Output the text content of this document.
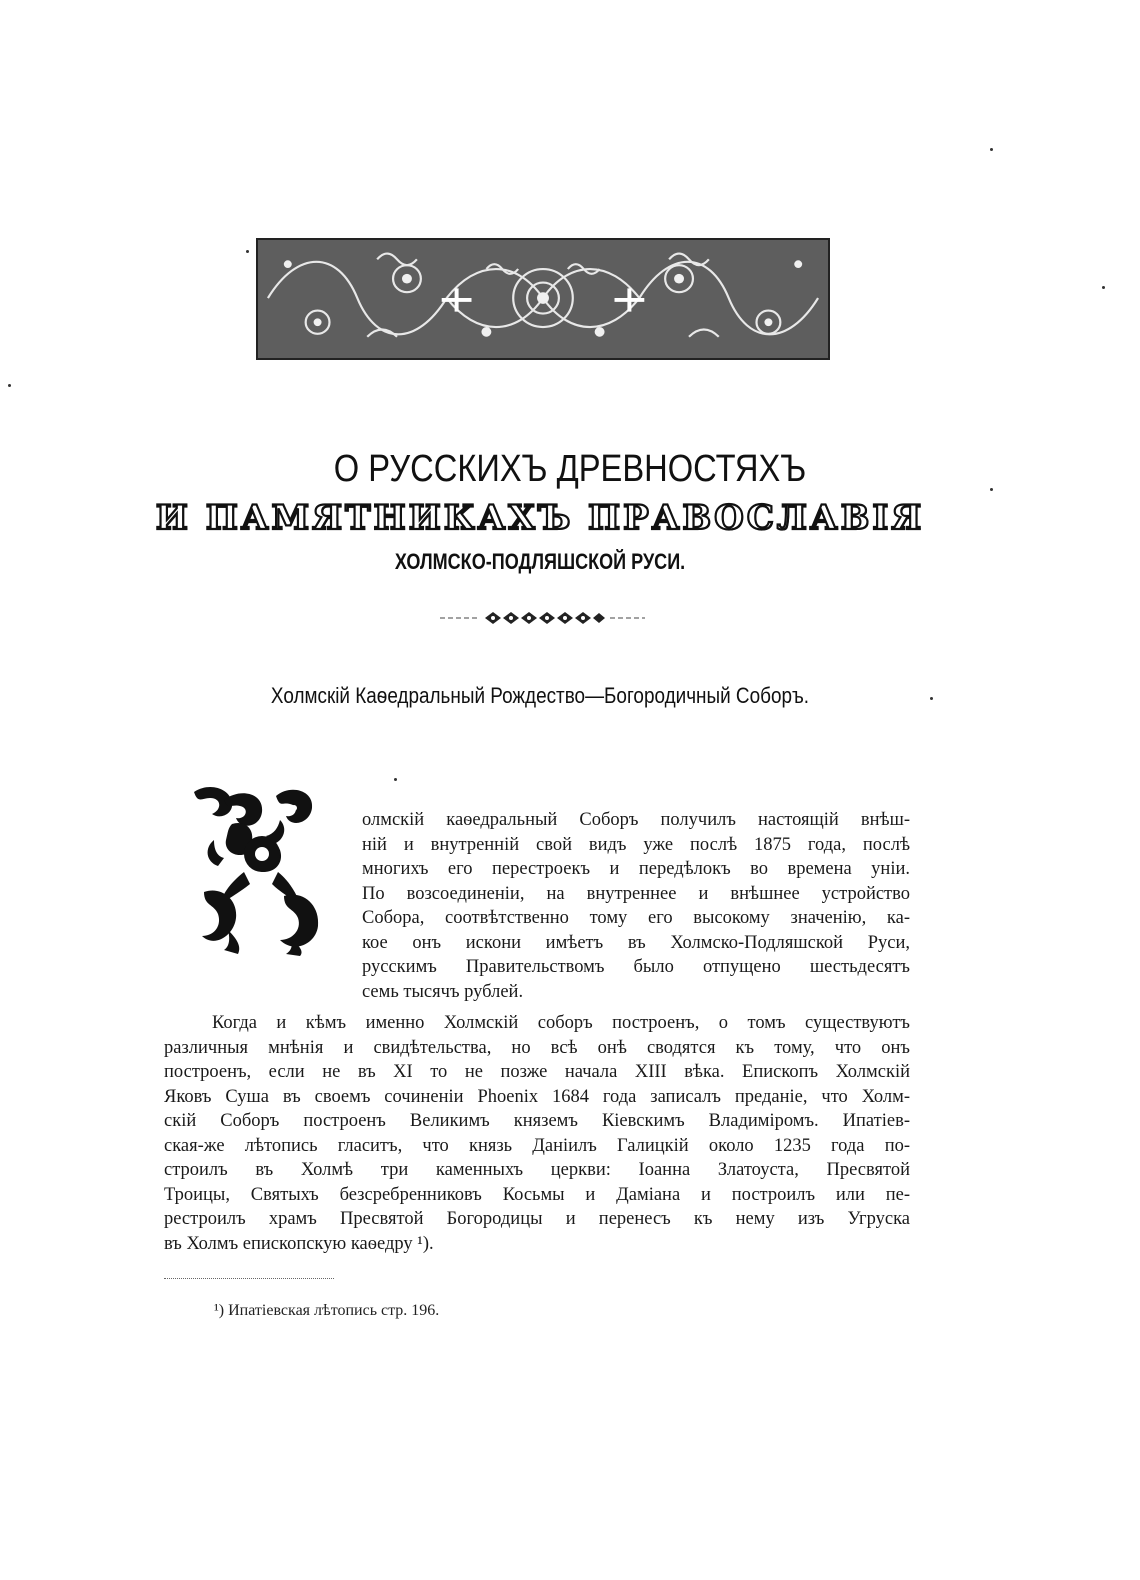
О РУССКИХЪ ДРЕВНОСТЯХЪ
И ПАМЯТНИКАХЪ ПРАВОСЛАВІЯ
ХОЛМСКО-ПОДЛЯШСКОЙ РУСИ.
Холмскій Каѳедральный Рождество—Богородичный Соборъ.
олмскій каѳедральный Соборъ получилъ настоящій внѣш-
ній и внутренній свой видъ уже послѣ 1875 года, послѣ
многихъ его перестроекъ и передѣлокъ во времена уніи.
По возсоединеніи, на внутреннее и внѣшнее устройство
Собора, соотвѣтственно тому его высокому значенію, ка-
кое онъ искони имѣетъ въ Холмско-Подляшской Руси,
русскимъ Правительствомъ было отпущено шестьдесятъ
семь тысячъ рублей.
Когда и кѣмъ именно Холмскій соборъ построенъ, о томъ существуютъ
различныя мнѣнія и свидѣтельства, но всѣ онѣ сводятся къ тому, что онъ
построенъ, если не въ XI то не позже начала XIII вѣка. Епископъ Холмскій
Яковъ Суша въ своемъ сочиненіи Phoenix 1684 года записалъ преданіе, что Холм-
скій Соборъ построенъ Великимъ княземъ Кіевскимъ Владиміромъ. Ипатіев-
ская-же лѣтопись гласитъ, что князь Даніилъ Галицкій около 1235 года по-
строилъ въ Холмѣ три каменныхъ церкви: Іоанна Златоуста, Пресвятой
Троицы, Святыхъ безсребренниковъ Косьмы и Даміана и построилъ или пе-
рестроилъ храмъ Пресвятой Богородицы и перенесъ къ нему изъ Угруска
въ Холмъ епископскую каѳедру ¹).
¹) Ипатіевская лѣтопись стр. 196.
